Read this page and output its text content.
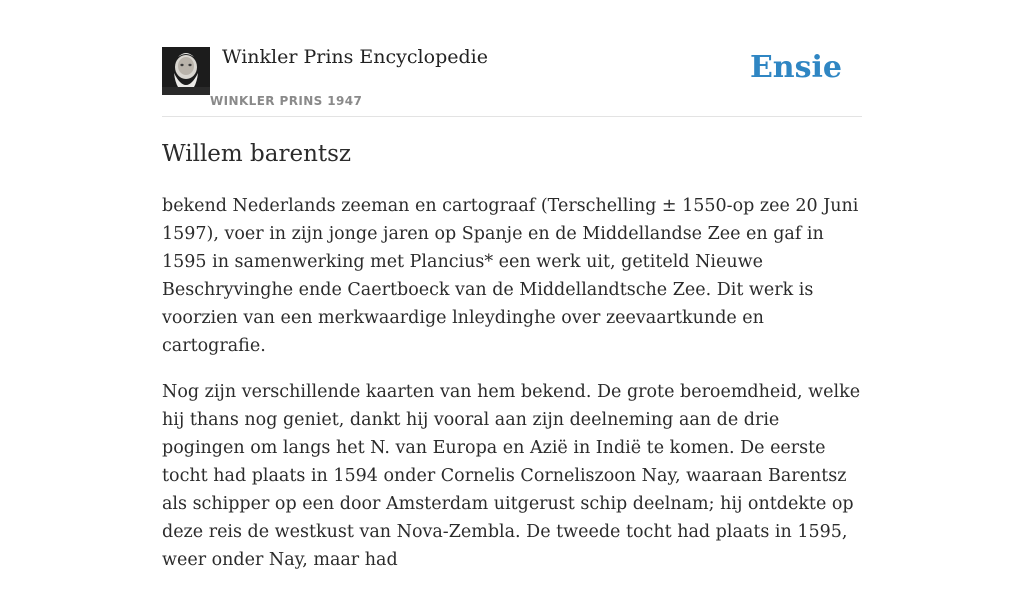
Winkler Prins Encyclopedie
WINKLER PRINS 1947
Ensie
Willem barentsz

bekend Nederlands zeeman en cartograaf (Terschelling ± 1550-op zee 20 Juni 1597), voer in zijn jonge jaren op Spanje en de Middellandse Zee en gaf in 1595 in samenwerking met Plancius* een werk uit, getiteld Nieuwe Beschryvinghe ende Caertboeck van de Middellandtsche Zee. Dit werk is voorzien van een merkwaardige lnleydinghe over zeevaartkunde en cartografie.

Nog zijn verschillende kaarten van hem bekend. De grote beroemdheid, welke hij thans nog geniet, dankt hij vooral aan zijn deelneming aan de drie pogingen om langs het N. van Europa en Azië in Indië te komen. De eerste tocht had plaats in 1594 onder Cornelis Corneliszoon Nay, waaraan Barentsz als schipper op een door Amsterdam uitgerust schip deelnam; hij ontdekte op deze reis de westkust van Nova-Zembla. De tweede tocht had plaats in 1595, weer onder Nay, maar had
